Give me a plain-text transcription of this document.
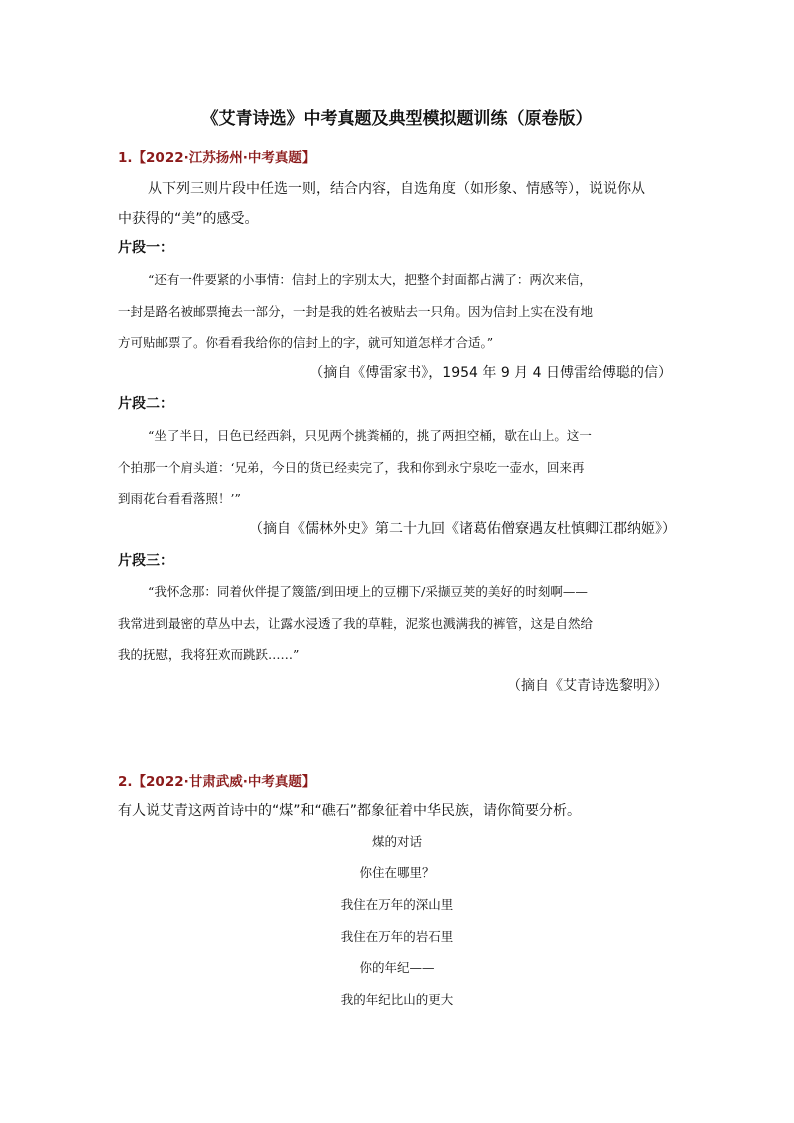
《艾青诗选》中考真题及典型模拟题训练（原卷版）
1.【2022·江苏扬州·中考真题】
从下列三则片段中任选一则，结合内容，自选角度（如形象、情感等），说说你从
中获得的“美”的感受。
片段一：
“还有一件要紧的小事情：信封上的字别太大，把整个封面都占满了：两次来信，
一封是路名被邮票掩去一部分，一封是我的姓名被贴去一只角。因为信封上实在没有地
方可贴邮票了。你看看我给你的信封上的字，就可知道怎样才合适。”
（摘自《傅雷家书》，1954 年 9 月 4 日傅雷给傅聪的信）
片段二：
“坐了半日，日色已经西斜，只见两个挑粪桶的，挑了两担空桶，歇在山上。这一
个拍那一个肩头道：‘兄弟，今日的货已经卖完了，我和你到永宁泉吃一壶水，回来再
到雨花台看看落照！’”
（摘自《儒林外史》第二十九回《诸葛佑僧寮遇友杜慎卿江郡纳姬》）
片段三：
“我怀念那：同着伙伴提了篾篮/到田埂上的豆棚下/采撷豆荚的美好的时刻啊——
我常进到最密的草丛中去，让露水浸透了我的草鞋，泥浆也溅满我的裤管，这是自然给
我的抚慰，我将狂欢而跳跃……”
（摘自《艾青诗选黎明》）
2.【2022·甘肃武威·中考真题】
有人说艾青这两首诗中的“煤”和“礁石”都象征着中华民族，请你简要分析。
煤的对话
你住在哪里？
我住在万年的深山里
我住在万年的岩石里
你的年纪——
我的年纪比山的更大
